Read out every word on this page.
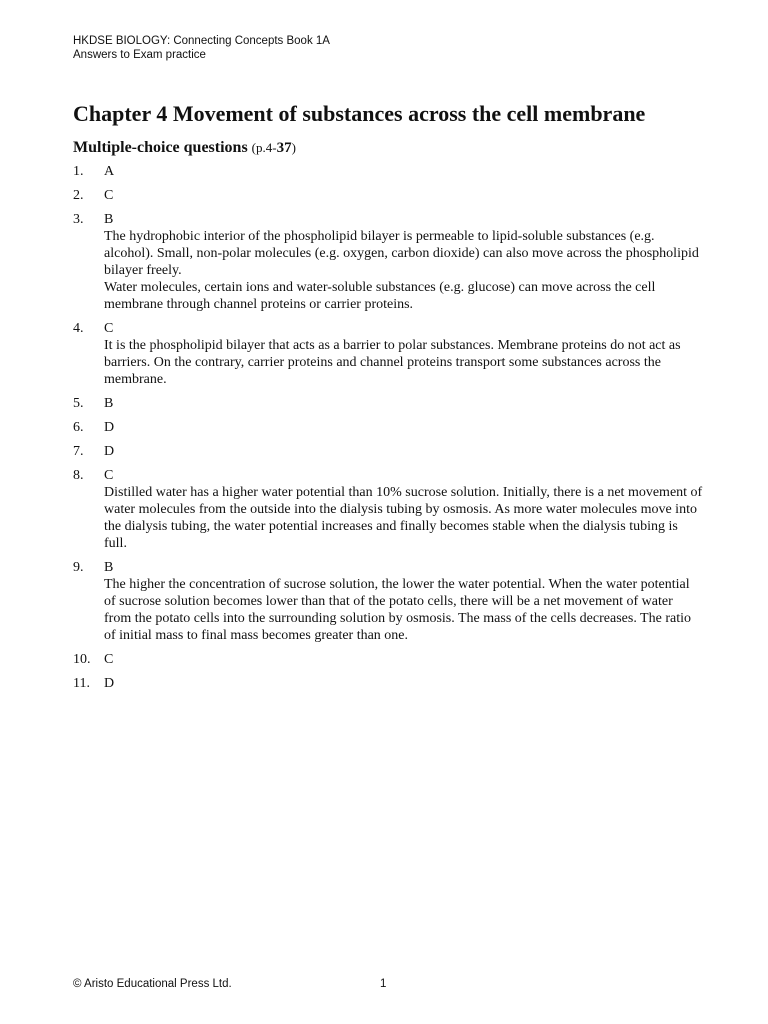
HKDSE BIOLOGY: Connecting Concepts Book 1A
Answers to Exam practice
Chapter 4 Movement of substances across the cell membrane
Multiple-choice questions (p.4-37)
1.	A

2.	C

3.	B

The hydrophobic interior of the phospholipid bilayer is permeable to lipid-soluble substances (e.g. alcohol). Small, non-polar molecules (e.g. oxygen, carbon dioxide) can also move across the phospholipid bilayer freely.

Water molecules, certain ions and water-soluble substances (e.g. glucose) can move across the cell membrane through channel proteins or carrier proteins.

4.	C

It is the phospholipid bilayer that acts as a barrier to polar substances. Membrane proteins do not act as barriers. On the contrary, carrier proteins and channel proteins transport some substances across the membrane.

5.	B

6.	D

7.	D

8.	C

Distilled water has a higher water potential than 10% sucrose solution. Initially, there is a net movement of water molecules from the outside into the dialysis tubing by osmosis. As more water molecules move into the dialysis tubing, the water potential increases and finally becomes stable when the dialysis tubing is full.

9.	B

The higher the concentration of sucrose solution, the lower the water potential. When the water potential of sucrose solution becomes lower than that of the potato cells, there will be a net movement of water from the potato cells into the surrounding solution by osmosis. The mass of the cells decreases. The ratio of initial mass to final mass becomes greater than one.

10. C

11.	D

© Aristo Educational Press Ltd.	1
